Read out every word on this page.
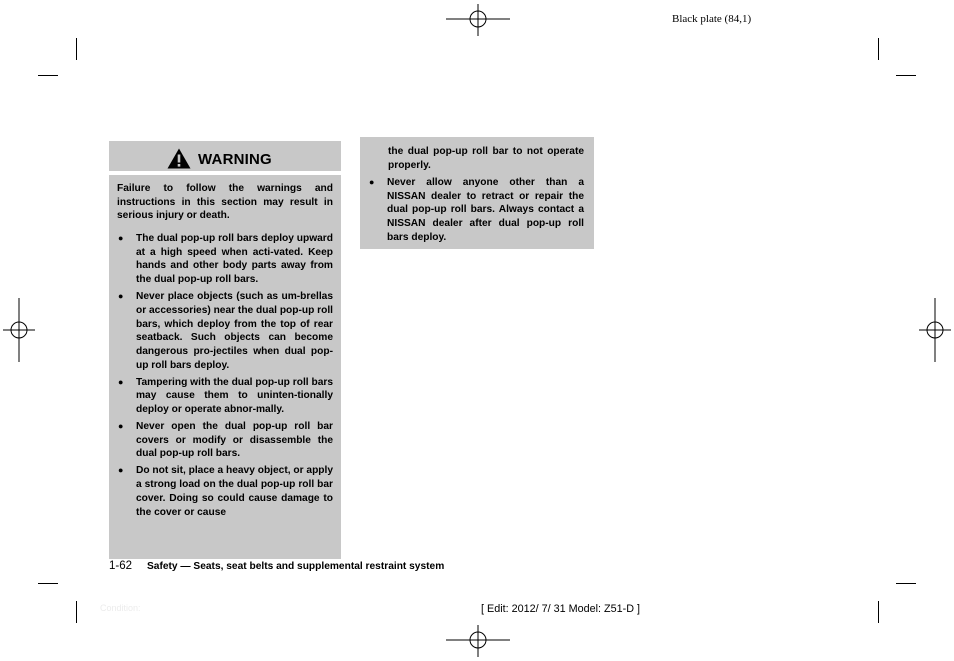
Black plate (84,1)
WARNING
Failure to follow the warnings and instructions in this section may result in serious injury or death.
● The dual pop-up roll bars deploy upward at a high speed when acti-vated. Keep hands and other body parts away from the dual pop-up roll bars.
● Never place objects (such as um-brellas or accessories) near the dual pop-up roll bars, which deploy from the top of rear seatback. Such objects can become dangerous pro-jectiles when dual pop-up roll bars deploy.
● Tampering with the dual pop-up roll bars may cause them to uninten-tionally deploy or operate abnor-mally.
● Never open the dual pop-up roll bar covers or modify or disassemble the dual pop-up roll bars.
● Do not sit, place a heavy object, or apply a strong load on the dual pop-up roll bar cover. Doing so could cause damage to the cover or cause
the dual pop-up roll bar to not operate properly.
● Never allow anyone other than a NISSAN dealer to retract or repair the dual pop-up roll bars. Always contact a NISSAN dealer after dual pop-up roll bars deploy.
1-62 Safety — Seats, seat belts and supplemental restraint system
Condition:	[ Edit: 2012/ 7/ 31 Model: Z51-D ]
